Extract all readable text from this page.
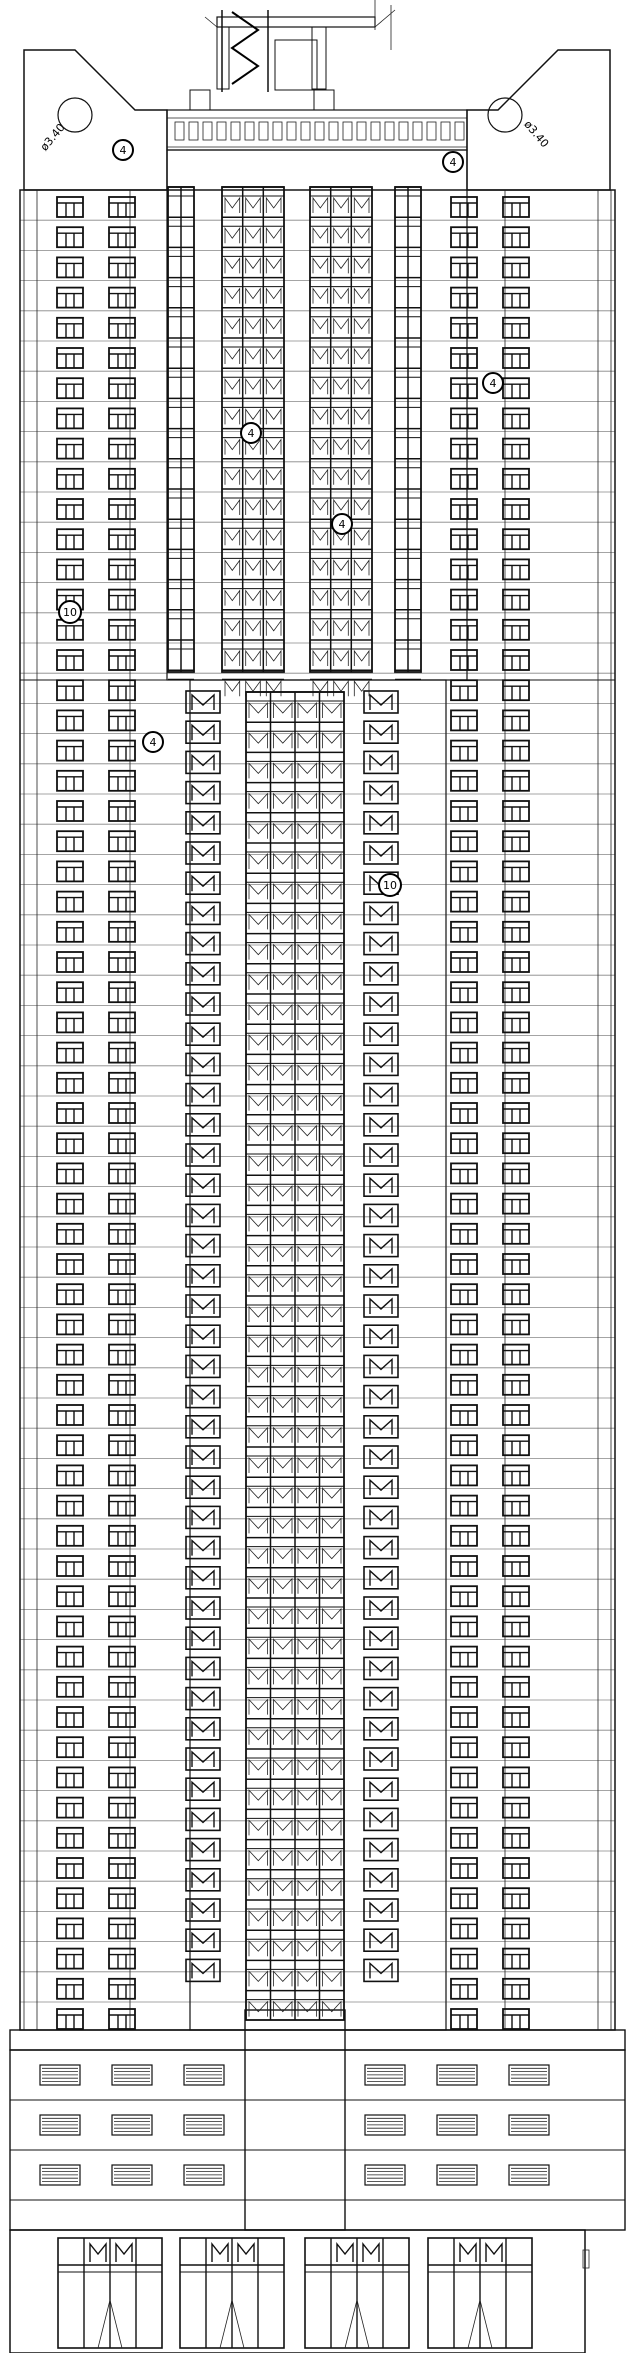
ø3.40	ø3.40
4
4
4
4
4
4
10
10
